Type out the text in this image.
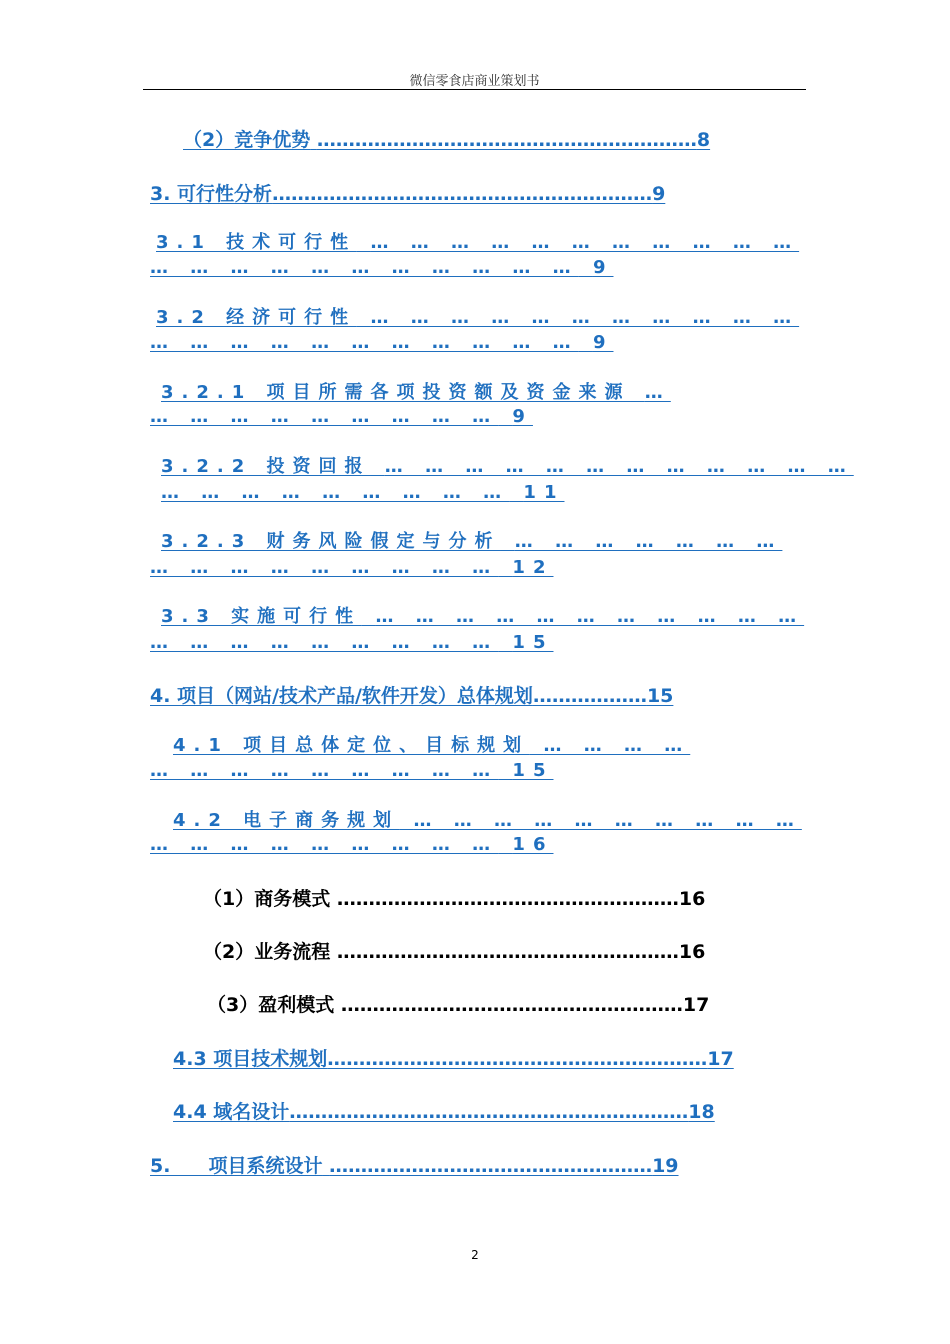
微信零食店商业策划书
（2）竞争优势 ……………………………………………………8
3. 可行性分析……………………………………………………9
3.1 技术可行性 … … … … … … … … … … …
… … … … … … … … … … … 9
3.2 经济可行性 … … … … … … … … … … …
… … … … … … … … … … … 9
3.2.1 项目所需各项投资额及资金来源 …
… … … … … … … … … 9
3.2.2 投资回报 … … … … … … … … … … … …
… … … … … … … … … 11
3.2.3 财务风险假定与分析 … … … … … … …
… … … … … … … … … 12
3.3 实施可行性 … … … … … … … … … … …
… … … … … … … … … 15
4. 项目（网站/技术产品/软件开发）总体规划………………15
4.1 项目总体定位、目标规划 … … … …
… … … … … … … … … 15
4.2 电子商务规划 … … … … … … … … … …
… … … … … … … … … 16
（1）商务模式 ………………………………………………16
（2）业务流程 ………………………………………………16
（3）盈利模式 ………………………………………………17
4.3 项目技术规划……………………………………………………17
4.4 域名设计………………………………………………………18
5.　　项目系统设计 ……………………………………………19
2
